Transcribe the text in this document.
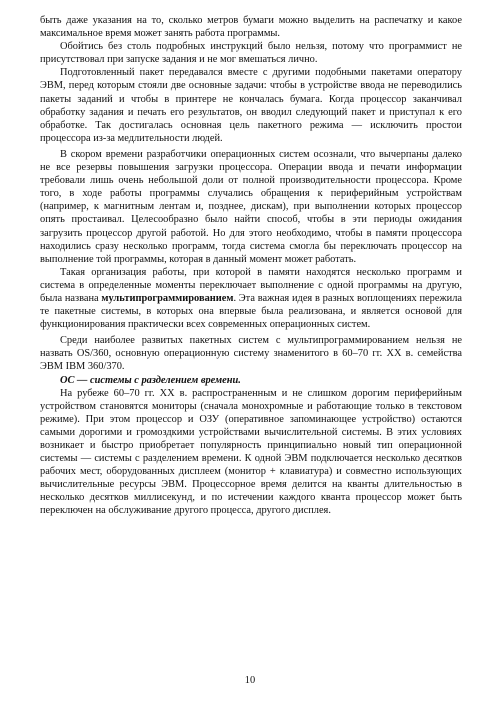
быть даже указания на то, сколько метров бумаги можно выделить на распечатку и какое максимальное время может занять работа программы.

Обойтись без столь подробных инструкций было нельзя, потому что программист не присутствовал при запуске задания и не мог вмешаться лично.

Подготовленный пакет передавался вместе с другими подобными пакетами оператору ЭВМ, перед которым стояли две основные задачи: чтобы в устройстве ввода не переводились пакеты заданий и чтобы в принтере не кончалась бумага. Когда процессор заканчивал обработку задания и печать его результатов, он вводил следующий пакет и приступал к его обработке. Так достигалась основная цель пакетного режима — исключить простои процессора из-за медлительности людей.

В скором времени разработчики операционных систем осознали, что вычерпаны далеко не все резервы повышения загрузки процессора. Операции ввода и печати информации требовали лишь очень небольшой доли от полной производительности процессора. Кроме того, в ходе работы программы случались обращения к периферийным устройствам (например, к магнитным лентам и, позднее, дискам), при выполнении которых процессор опять простаивал. Целесообразно было найти способ, чтобы в эти периоды ожидания загрузить процессор другой работой. Но для этого необходимо, чтобы в памяти процессора находились сразу несколько программ, тогда система смогла бы переключать процессор на выполнение той программы, которая в данный момент может работать.

Такая организация работы, при которой в памяти находятся несколько программ и система в определенные моменты переключает выполнение с одной программы на другую, была названа мультипрограммированием. Эта важная идея в разных воплощениях пережила те пакетные системы, в которых она впервые была реализована, и является основой для функционирования практически всех современных операционных систем.

Среди наиболее развитых пакетных систем с мультипрограммированием нельзя не назвать OS/360, основную операционную систему знаменитого в 60–70 гг. XX в. семейства ЭВМ IBM 360/370.

ОС — системы с разделением времени.

На рубеже 60–70 гг. XX в. распространенным и не слишком дорогим периферийным устройством становятся мониторы (сначала монохромные и работающие только в текстовом режиме). При этом процессор и ОЗУ (оперативное запоминающее устройство) остаются самыми дорогими и громоздкими устройствами вычислительной системы. В этих условиях возникает и быстро приобретает популярность принципиально новый тип операционной системы — системы с разделением времени. К одной ЭВМ подключается несколько десятков рабочих мест, оборудованных дисплеем (монитор + клавиатура) и совместно использующих вычислительные ресурсы ЭВМ. Процессорное время делится на кванты длительностью в несколько десятков миллисекунд, и по истечении каждого кванта процессор может быть переключен на обслуживание другого процесса, другого дисплея.

10
